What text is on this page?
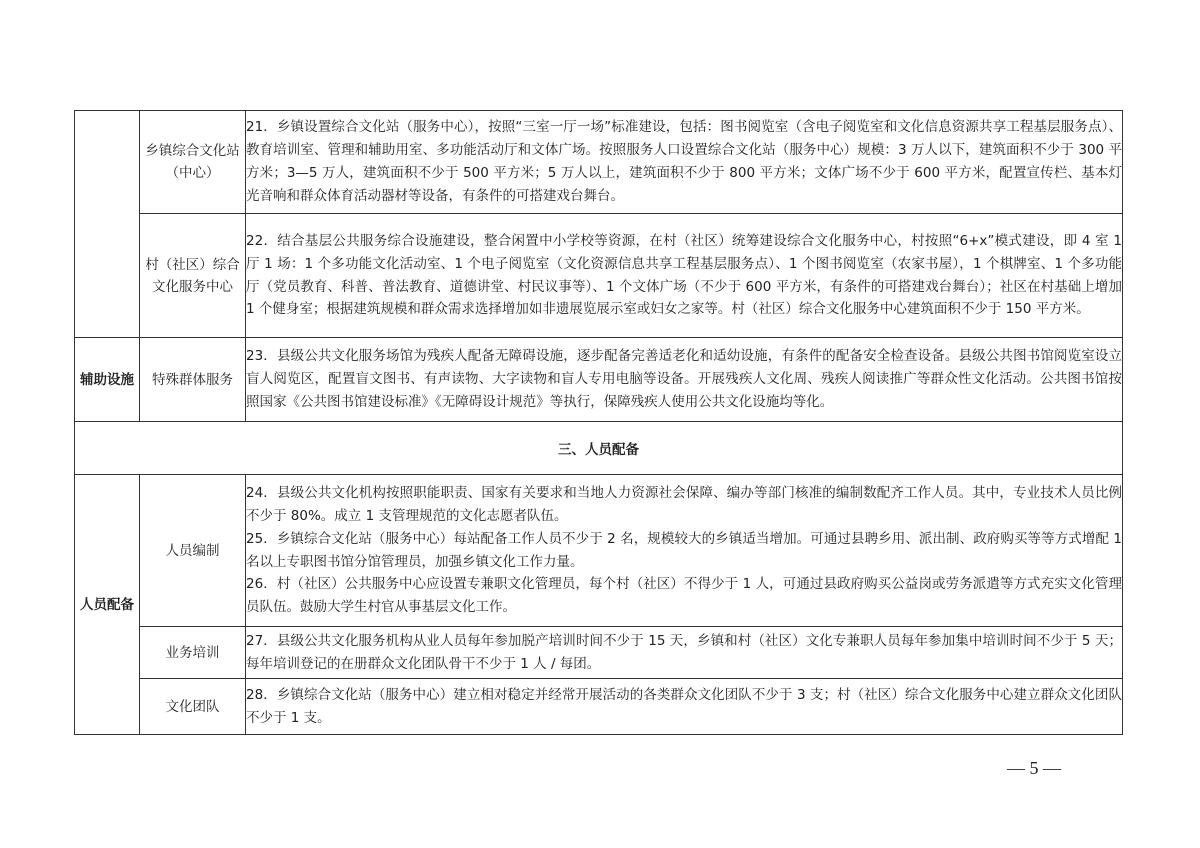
	乡镇综合文化站（中心）	21．乡镇设置综合文化站（服务中心），按照“三室一厅一场”标准建设，包括：图书阅览室（含电子阅览室和文化信息资源共享工程基层服务点）、教育培训室、管理和辅助用室、多功能活动厅和文体广场。按照服务人口设置综合文化站（服务中心）规模：3 万人以下，建筑面积不少于 300 平方米；3—5 万人，建筑面积不少于 500 平方米；5 万人以上，建筑面积不少于 800 平方米；文体广场不少于 600 平方米，配置宣传栏、基本灯光音响和群众体育活动器材等设备，有条件的可搭建戏台舞台。
	村（社区）综合文化服务中心	22．结合基层公共服务综合设施建设，整合闲置中小学校等资源，在村（社区）统筹建设综合文化服务中心，村按照“6+x”模式建设，即 4 室 1 厅 1 场：1 个多功能文化活动室、1 个电子阅览室（文化资源信息共享工程基层服务点）、1 个图书阅览室（农家书屋），1 个棋牌室、1 个多功能厅（党员教育、科普、普法教育、道德讲堂、村民议事等）、1 个文体广场（不少于 600 平方米，有条件的可搭建戏台舞台）；社区在村基础上增加 1 个健身室；根据建筑规模和群众需求选择增加如非遗展览展示室或妇女之家等。村（社区）综合文化服务中心建筑面积不少于 150 平方米。
辅助设施	特殊群体服务	23．县级公共文化服务场馆为残疾人配备无障碍设施，逐步配备完善适老化和适幼设施，有条件的配备安全检查设备。县级公共图书馆阅览室设立盲人阅览区，配置盲文图书、有声读物、大字读物和盲人专用电脑等设备。开展残疾人文化周、残疾人阅读推广等群众性文化活动。公共图书馆按照国家《公共图书馆建设标准》《无障碍设计规范》等执行，保障残疾人使用公共文化设施均等化。
三、人员配备		
人员配备	人员编制	24．县级公共文化机构按照职能职责、国家有关要求和当地人力资源社会保障、编办等部门核准的编制数配齐工作人员。其中，专业技术人员比例不少于 80%。成立 1 支管理规范的文化志愿者队伍。

25．乡镇综合文化站（服务中心）每站配备工作人员不少于 2 名，规模较大的乡镇适当增加。可通过县聘乡用、派出制、政府购买等等方式增配 1 名以上专职图书馆分馆管理员，加强乡镇文化工作力量。

26．村（社区）公共服务中心应设置专兼职文化管理员，每个村（社区）不得少于 1 人，可通过县政府购买公益岗或劳务派遣等方式充实文化管理员队伍。鼓励大学生村官从事基层文化工作。

	业务培训	27．县级公共文化服务机构从业人员每年参加脱产培训时间不少于 15 天，乡镇和村（社区）文化专兼职人员每年参加集中培训时间不少于 5 天；每年培训登记的在册群众文化团队骨干不少于 1 人 / 每团。
	文化团队	28．乡镇综合文化站（服务中心）建立相对稳定并经常开展活动的各类群众文化团队不少于 3 支；村（社区）综合文化服务中心建立群众文化团队不少于 1 支。
— 5 —
